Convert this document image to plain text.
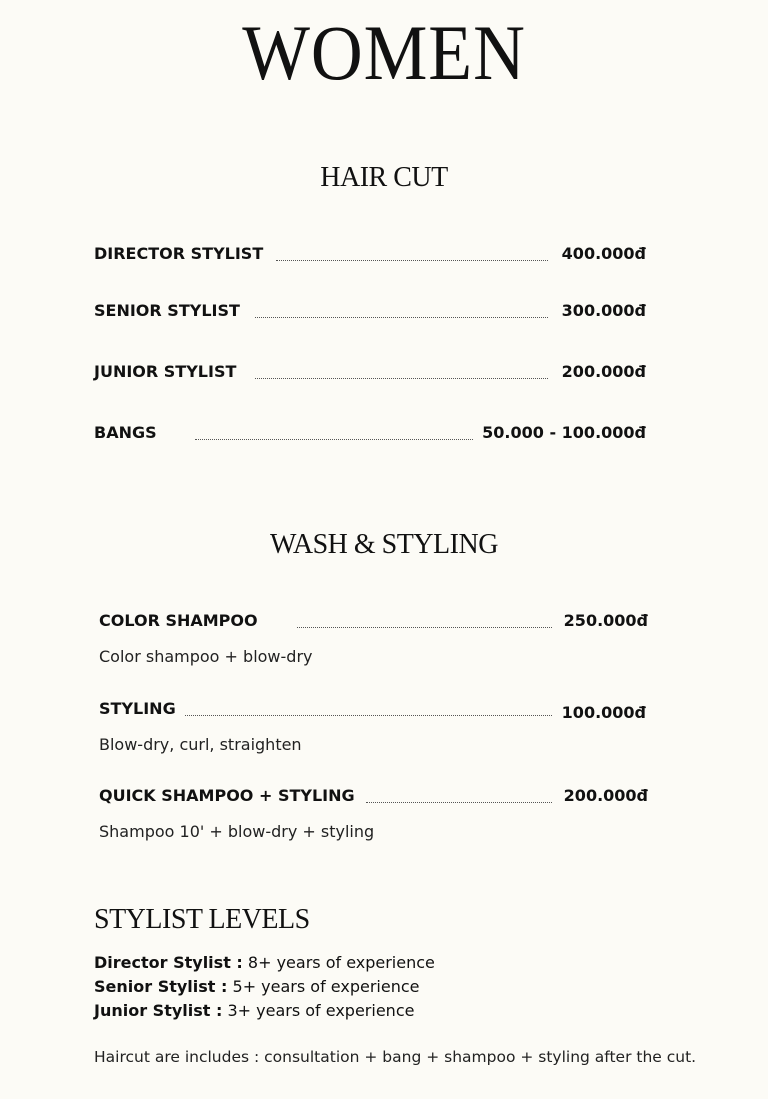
WOMEN
HAIR CUT
DIRECTOR STYLIST	400.000đ
SENIOR STYLIST	300.000đ
JUNIOR STYLIST	200.000đ
BANGS	50.000 - 100.000đ
WASH & STYLING
COLOR SHAMPOO	250.000đ
Color shampoo + blow-dry
STYLING	100.000đ
Blow-dry, curl, straighten
QUICK SHAMPOO + STYLING	200.000đ
Shampoo 10' + blow-dry + styling
STYLIST LEVELS
Director Stylist : 8+ years of experience
Senior Stylist : 5+ years of experience
Junior Stylist : 3+ years of experience
Haircut are includes : consultation + bang + shampoo + styling after the cut.
